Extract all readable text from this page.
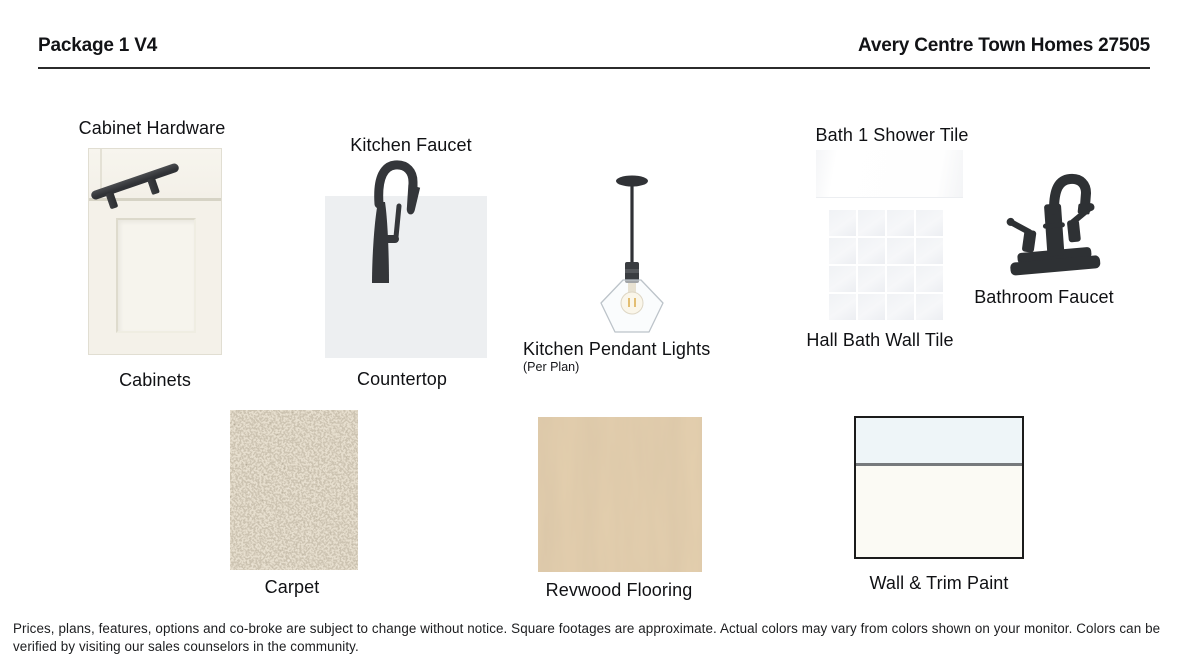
Package 1 V4	Avery Centre Town Homes 27505
Cabinet Hardware
Cabinets
Kitchen Faucet
Countertop
Kitchen Pendant Lights
(Per Plan)
Bath 1 Shower Tile
Hall Bath Wall Tile
Bathroom Faucet
Carpet	Revwood Flooring	Wall & Trim Paint
Prices, plans, features, options and co-broke are subject to change without notice. Square footages are approximate. Actual colors may vary from colors shown on your monitor. Colors can be verified by visiting our sales counselors in the community.
